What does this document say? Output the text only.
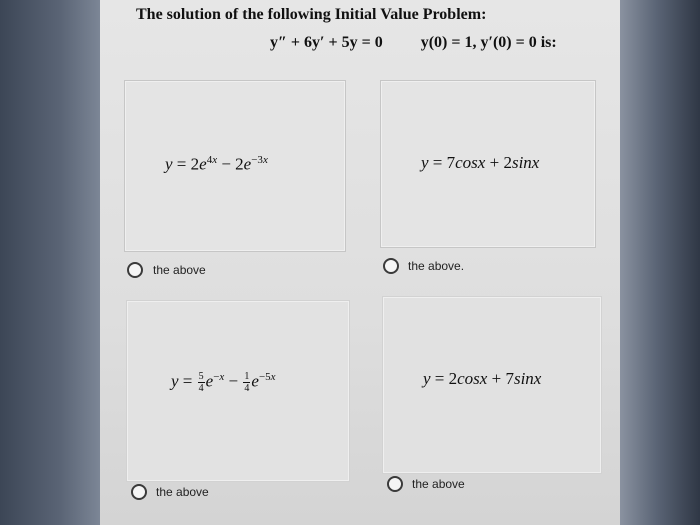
The solution of the following Initial Value Problem:
y″ + 6y′ + 5y = 0 y(0) = 1, y′(0) = 0 is:
$y = 2e^{4x} - 2e^{-3x}$
the above
y = 7cosx + 2sinx
the above.
$y = \frac{5}{4} e^{-x} - \frac{1}{4} e^{-5x}$
the above
y = 2cosx + 7sinx
the above
